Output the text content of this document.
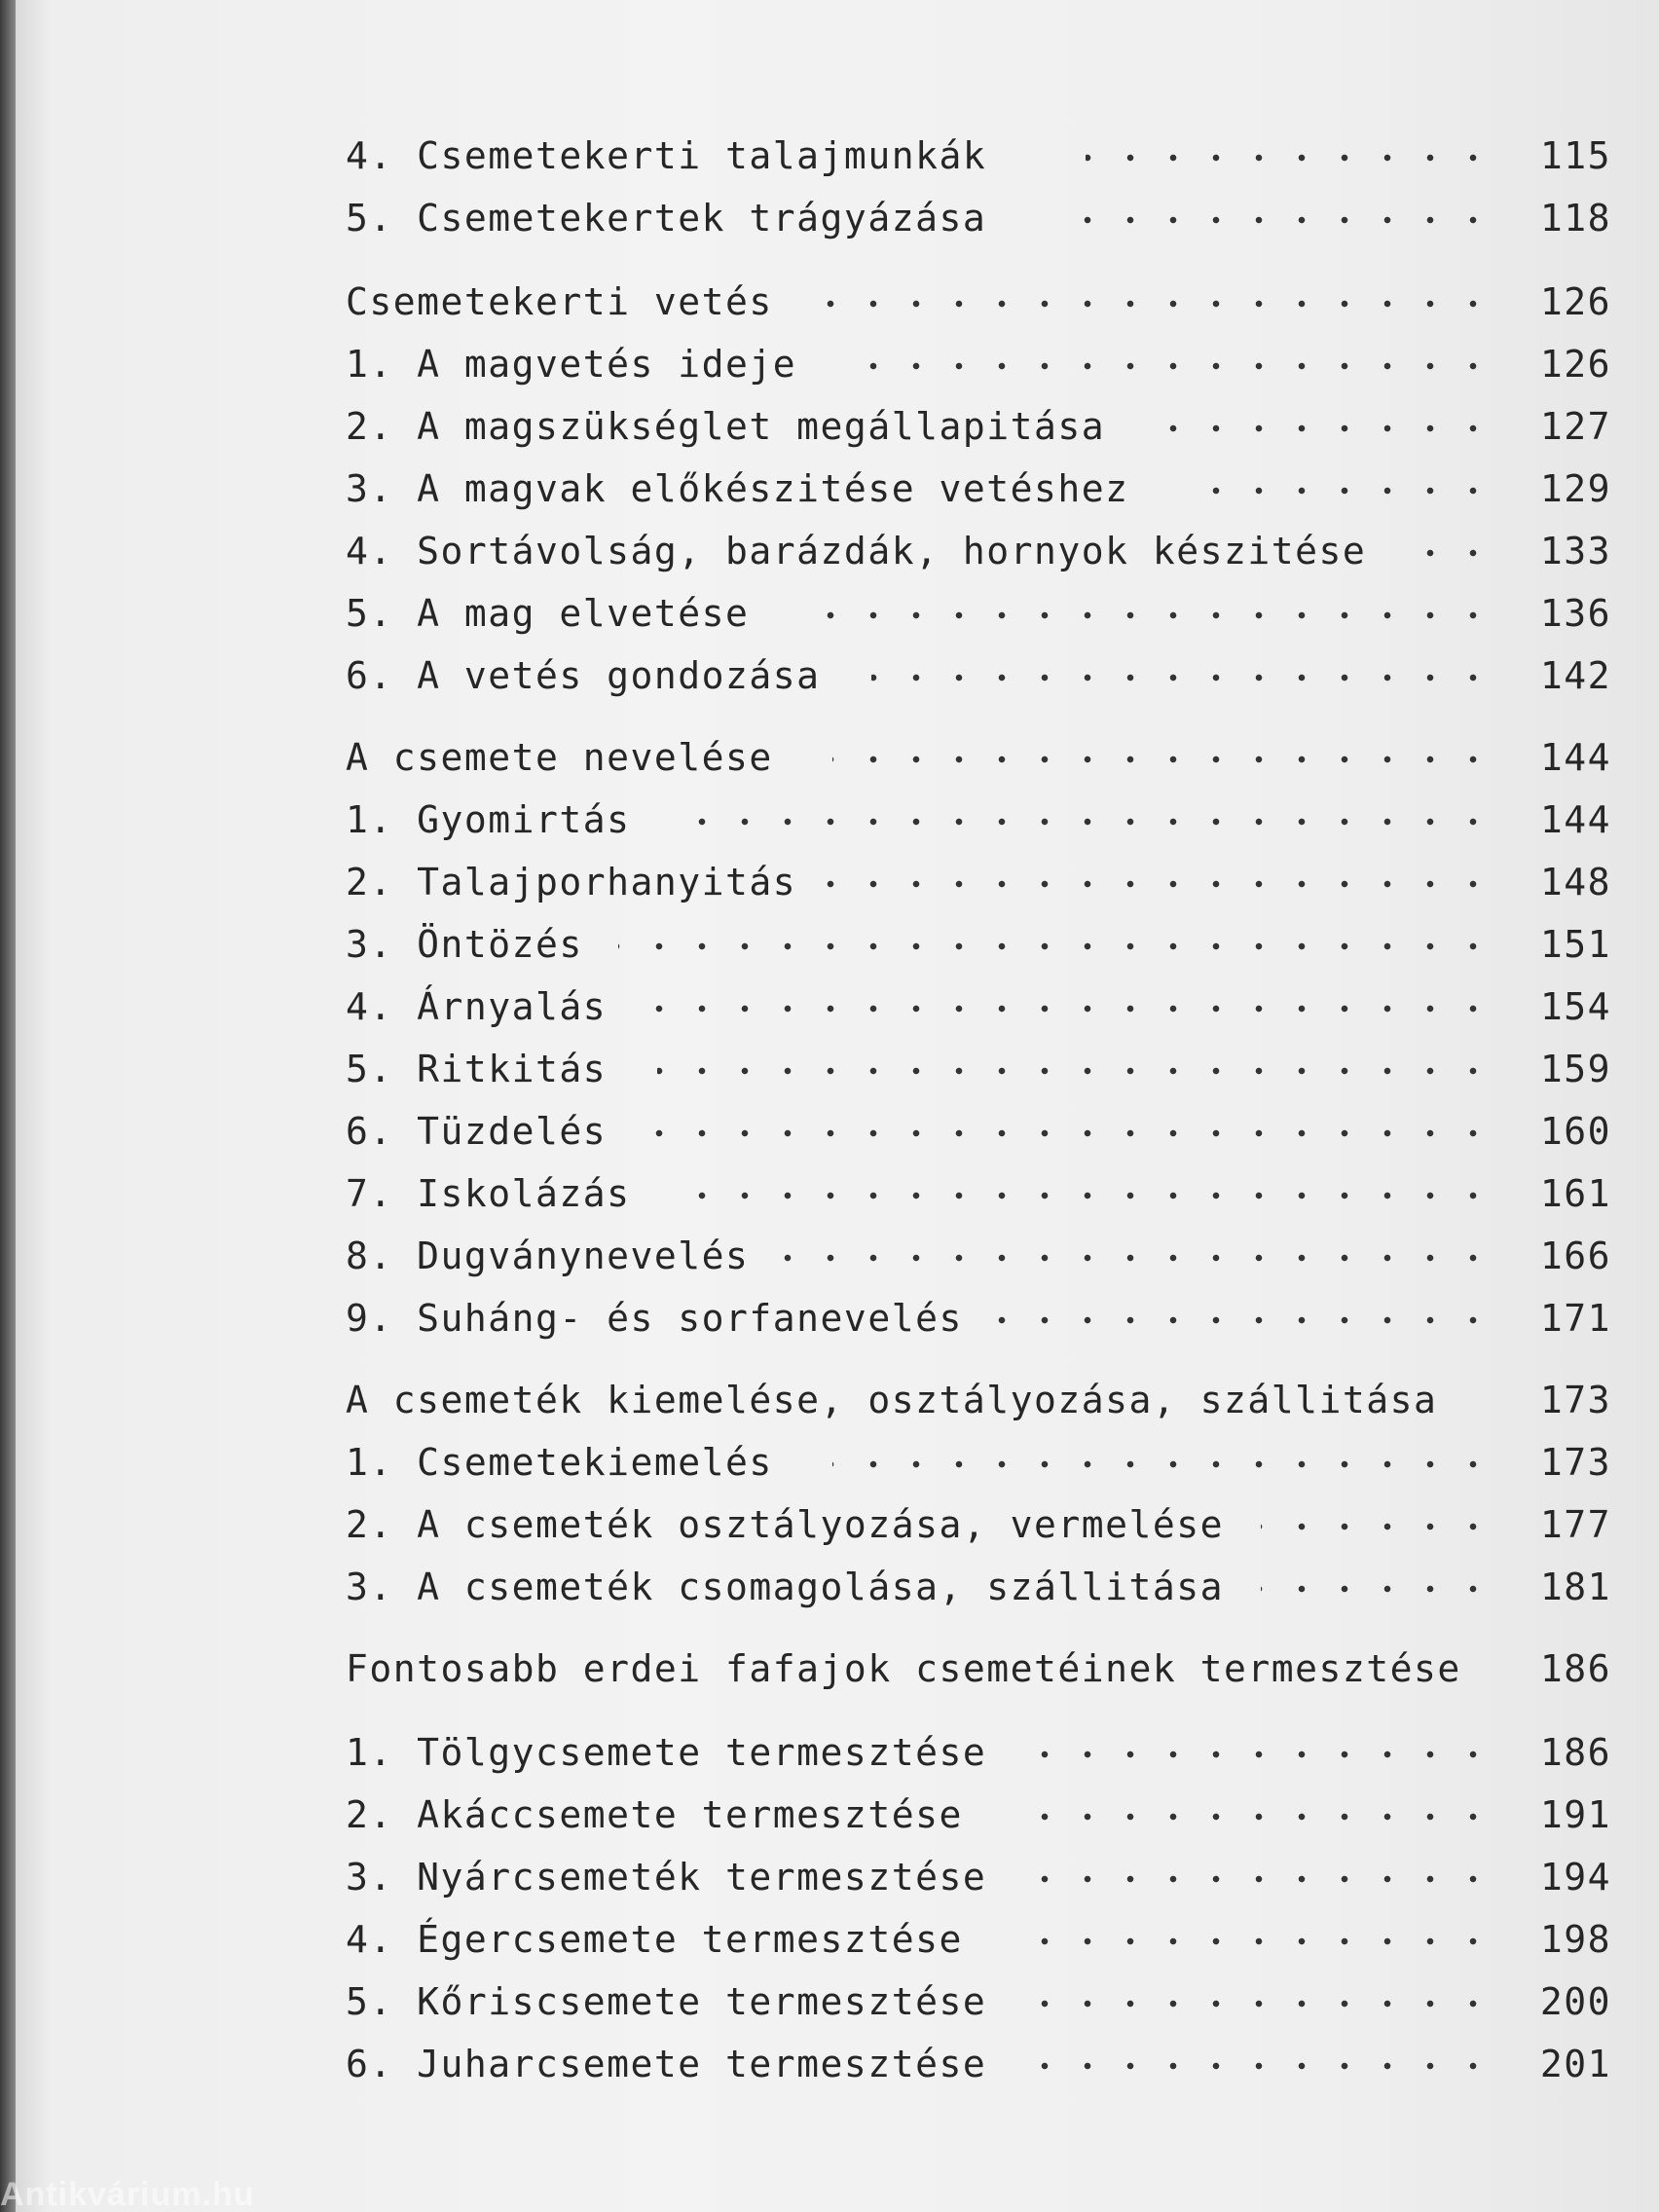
4. Csemetekerti talajmunkák	115
5. Csemetekertek trágyázása	118
Csemetekerti vetés	126
1. A magvetés ideje	126
2. A magszükséglet megállapitása	127
3. A magvak előkészitése vetéshez	129
4. Sortávolság, barázdák, hornyok készitése	133
5. A mag elvetése	136
6. A vetés gondozása	142
A csemete nevelése	144
1. Gyomirtás	144
2. Talajporhanyitás	148
3. Öntözés	151
4. Árnyalás	154
5. Ritkitás	159
6. Tüzdelés	160
7. Iskolázás	161
8. Dugványnevelés	166
9. Suháng- és sorfanevelés	171
A csemeték kiemelése, osztályozása, szállitása	173
1. Csemetekiemelés	173
2. A csemeték osztályozása, vermelése	177
3. A csemeték csomagolása, szállitása	181
Fontosabb erdei fafajok csemetéinek termesztése	186
1. Tölgycsemete termesztése	186
2. Akáccsemete termesztése	191
3. Nyárcsemeték termesztése	194
4. Égercsemete termesztése	198
5. Kőriscsemete termesztése	200
6. Juharcsemete termesztése	201
Antikvárium.hu
